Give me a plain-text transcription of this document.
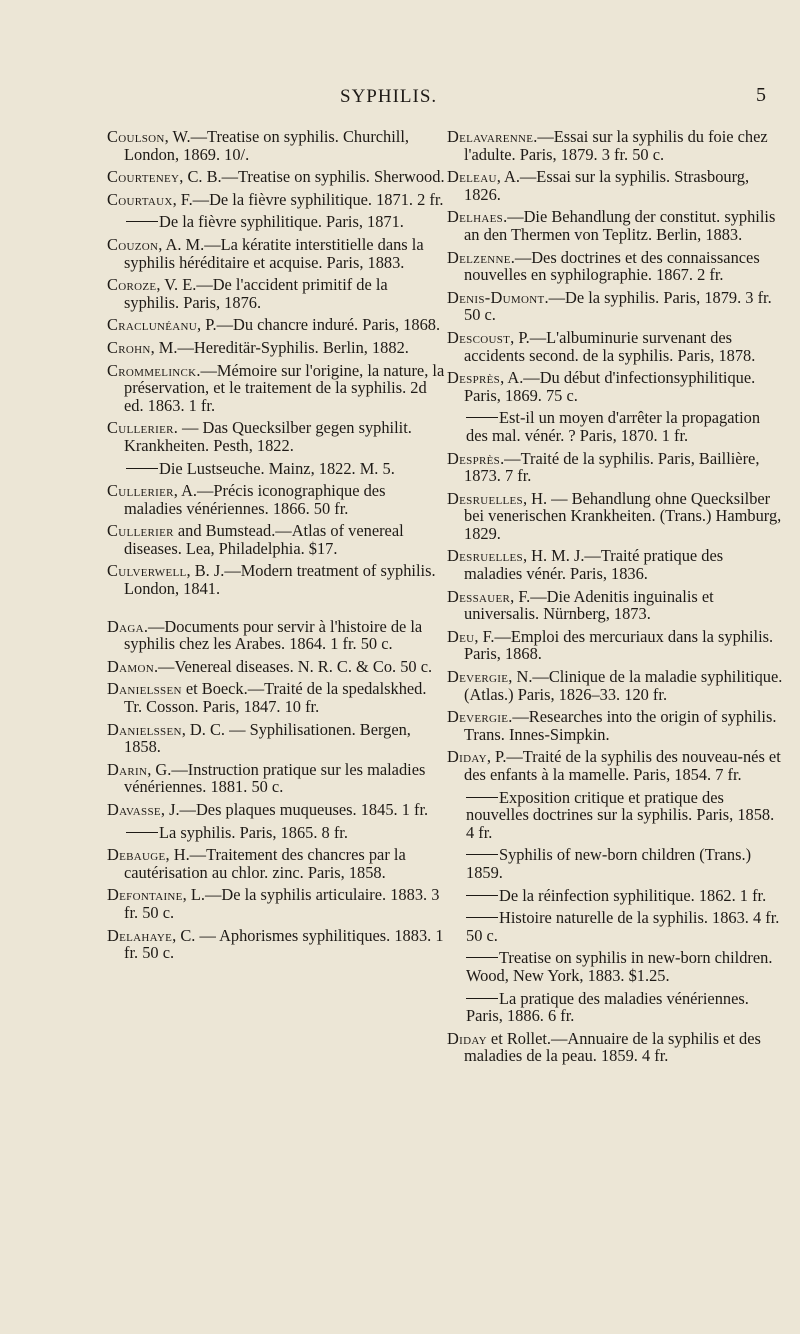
SYPHILIS.	5
Coulson, W.—Treatise on syphilis. Churchill, London, 1869. 10/.
Courteney, C. B.—Treatise on syphilis. Sherwood.
Courtaux, F.—De la fièvre syphilitique. 1871. 2 fr.
De la fièvre syphilitique. Paris, 1871.
Couzon, A. M.—La kératite interstitielle dans la syphilis héréditaire et acquise. Paris, 1883.
Coroze, V. E.—De l'accident primitif de la syphilis. Paris, 1876.
Craclunéanu, P.—Du chancre induré. Paris, 1868.
Crohn, M.—Hereditär-Syphilis. Berlin, 1882.
Crommelinck.—Mémoire sur l'origine, la nature, la préservation, et le traitement de la syphilis. 2d ed. 1863. 1 fr.
Cullerier. — Das Quecksilber gegen syphilit. Krankheiten. Pesth, 1822.
Die Lustseuche. Mainz, 1822. M. 5.
Cullerier, A.—Précis iconographique des maladies vénériennes. 1866. 50 fr.
Cullerier and Bumstead.—Atlas of venereal diseases. Lea, Philadelphia. $17.
Culverwell, B. J.—Modern treatment of syphilis. London, 1841.
Daga.—Documents pour servir à l'histoire de la syphilis chez les Arabes. 1864. 1 fr. 50 c.
Damon.—Venereal diseases. N. R. C. & Co. 50 c.
Danielssen et Boeck.—Traité de la spedalskhed. Tr. Cosson. Paris, 1847. 10 fr.
Danielssen, D. C. — Syphilisationen. Bergen, 1858.
Darin, G.—Instruction pratique sur les maladies vénériennes. 1881. 50 c.
Davasse, J.—Des plaques muqueuses. 1845. 1 fr.
La syphilis. Paris, 1865. 8 fr.
Debauge, H.—Traitement des chancres par la cautérisation au chlor. zinc. Paris, 1858.
Defontaine, L.—De la syphilis articulaire. 1883. 3 fr. 50 c.
Delahaye, C. — Aphorismes syphilitiques. 1883. 1 fr. 50 c.
Delavarenne.—Essai sur la syphilis du foie chez l'adulte. Paris, 1879. 3 fr. 50 c.
Deleau, A.—Essai sur la syphilis. Strasbourg, 1826.
Delhaes.—Die Behandlung der constitut. syphilis an den Thermen von Teplitz. Berlin, 1883.
Delzenne.—Des doctrines et des connaissances nouvelles en syphilographie. 1867. 2 fr.
Denis-Dumont.—De la syphilis. Paris, 1879. 3 fr. 50 c.
Descoust, P.—L'albuminurie survenant des accidents second. de la syphilis. Paris, 1878.
Desprès, A.—Du début d'infectionsyphilitique. Paris, 1869. 75 c.
Est-il un moyen d'arrêter la propagation des mal. vénér. ? Paris, 1870. 1 fr.
Desprès.—Traité de la syphilis. Paris, Baillière, 1873. 7 fr.
Desruelles, H. — Behandlung ohne Quecksilber bei venerischen Krankheiten. (Trans.) Hamburg, 1829.
Desruelles, H. M. J.—Traité pratique des maladies vénér. Paris, 1836.
Dessauer, F.—Die Adenitis inguinalis et universalis. Nürnberg, 1873.
Deu, F.—Emploi des mercuriaux dans la syphilis. Paris, 1868.
Devergie, N.—Clinique de la maladie syphilitique. (Atlas.) Paris, 1826–33. 120 fr.
Devergie.—Researches into the origin of syphilis. Trans. Innes-Simpkin.
Diday, P.—Traité de la syphilis des nouveau-nés et des enfants à la mamelle. Paris, 1854. 7 fr.
Exposition critique et pratique des nouvelles doctrines sur la syphilis. Paris, 1858. 4 fr.
Syphilis of new-born children (Trans.) 1859.
De la réinfection syphilitique. 1862. 1 fr.
Histoire naturelle de la syphilis. 1863. 4 fr. 50 c.
Treatise on syphilis in new-born children. Wood, New York, 1883. $1.25.
La pratique des maladies vénériennes. Paris, 1886. 6 fr.
Diday et Rollet.—Annuaire de la syphilis et des maladies de la peau. 1859. 4 fr.
